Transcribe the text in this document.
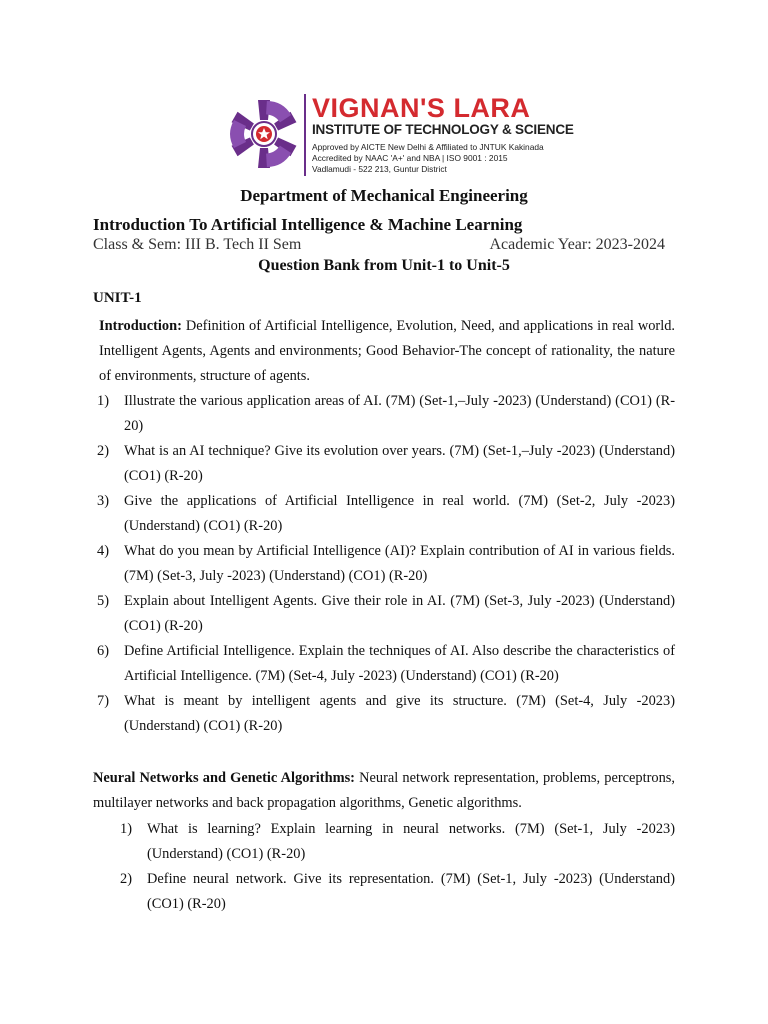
VIGNAN'S LARA
INSTITUTE OF TECHNOLOGY & SCIENCE
Approved by AICTE New Delhi & Affiliated to JNTUK Kakinada
Accredited by NAAC 'A+' and NBA | ISO 9001 : 2015
Vadlamudi - 522 213, Guntur District
Department of Mechanical Engineering
Introduction To Artificial Intelligence & Machine Learning
Class & Sem: III B. Tech II Sem	Academic Year: 2023-2024
Question Bank from Unit-1 to Unit-5
UNIT-1
Introduction: Definition of Artificial Intelligence, Evolution, Need, and applications in real world. Intelligent Agents, Agents and environments; Good Behavior-The concept of rationality, the nature of environments, structure of agents.
1) Illustrate the various application areas of AI. (7M) (Set-1,–July -2023) (Understand) (CO1) (R-20)
2) What is an AI technique? Give its evolution over years. (7M) (Set-1,–July -2023) (Understand) (CO1) (R-20)
3) Give the applications of Artificial Intelligence in real world. (7M) (Set-2, July -2023) (Understand) (CO1) (R-20)
4) What do you mean by Artificial Intelligence (AI)? Explain contribution of AI in various fields. (7M) (Set-3, July -2023) (Understand) (CO1) (R-20)
5) Explain about Intelligent Agents. Give their role in AI. (7M) (Set-3, July -2023) (Understand) (CO1) (R-20)
6) Define Artificial Intelligence. Explain the techniques of AI. Also describe the characteristics of Artificial Intelligence. (7M) (Set-4, July -2023) (Understand) (CO1) (R-20)
7) What is meant by intelligent agents and give its structure. (7M) (Set-4, July -2023) (Understand) (CO1) (R-20)
Neural Networks and Genetic Algorithms: Neural network representation, problems, perceptrons, multilayer networks and back propagation algorithms, Genetic algorithms.
1) What is learning? Explain learning in neural networks. (7M) (Set-1, July -2023) (Understand) (CO1) (R-20)
2) Define neural network. Give its representation. (7M) (Set-1, July -2023) (Understand) (CO1) (R-20)
